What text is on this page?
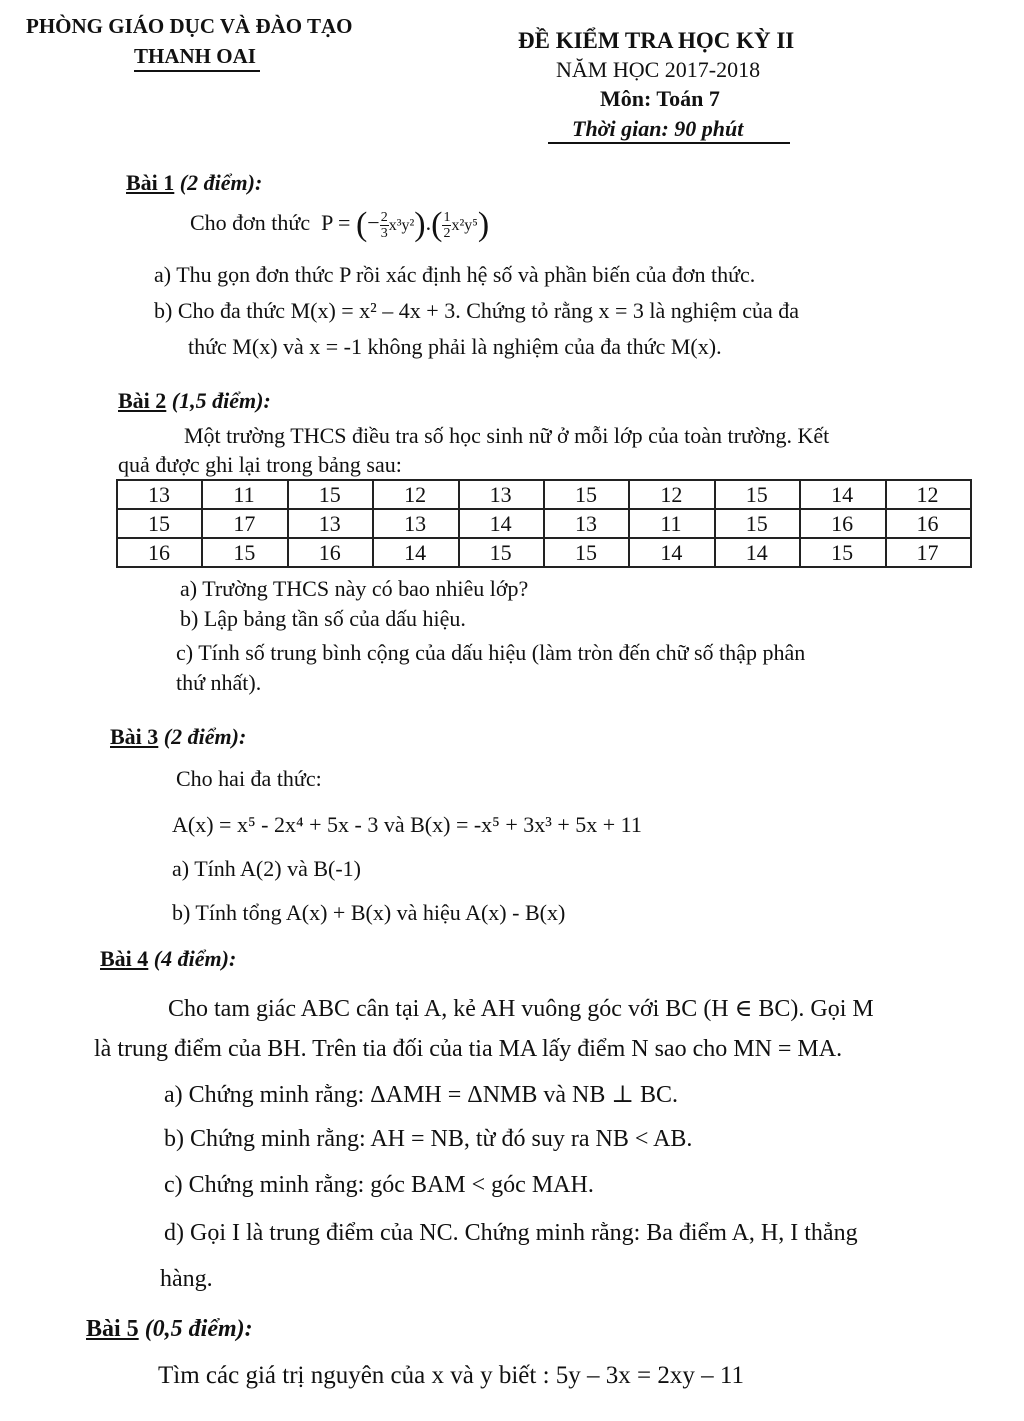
PHÒNG GIÁO DỤC VÀ ĐÀO TẠO
THANH OAI
ĐỀ KIỂM TRA HỌC KỲ II
NĂM HỌC 2017-2018
Môn: Toán 7
Thời gian: 90 phút
Bài 1 (2 điểm):
Cho đơn thức P = (− $\frac{2}{3} x^3y^2).( \frac{1}{2} x^2y^5)$
a) Thu gọn đơn thức P rồi xác định hệ số và phần biến của đơn thức.
b) Cho đa thức M(x) = x² – 4x + 3. Chứng tỏ rằng x = 3 là nghiệm của đa
thức M(x) và x = -1 không phải là nghiệm của đa thức M(x).
Bài 2 (1,5 điểm):
Một trường THCS điều tra số học sinh nữ ở mỗi lớp của toàn trường. Kết
quả được ghi lại trong bảng sau:
13	11	15	12	13	15	12	15	14	12
15	17	13	13	14	13	11	15	16	16
16	15	16	14	15	15	14	14	15	17
a) Trường THCS này có bao nhiêu lớp?
b) Lập bảng tần số của dấu hiệu.
c) Tính số trung bình cộng của dấu hiệu (làm tròn đến chữ số thập phân
thứ nhất).
Bài 3 (2 điểm):
Cho hai đa thức:
A(x) = x⁵ - 2x⁴ + 5x - 3 và B(x) = -x⁵ + 3x³ + 5x + 11
a) Tính A(2) và B(-1)
b) Tính tổng A(x) + B(x) và hiệu A(x) - B(x)
Bài 4 (4 điểm):
Cho tam giác ABC cân tại A, kẻ AH vuông góc với BC (H ∈ BC). Gọi M
là trung điểm của BH. Trên tia đối của tia MA lấy điểm N sao cho MN = MA.
a) Chứng minh rằng: ΔAMH = ΔNMB và NB ⊥ BC.
b) Chứng minh rằng: AH = NB, từ đó suy ra NB < AB.
c) Chứng minh rằng: góc BAM < góc MAH.
d) Gọi I là trung điểm của NC. Chứng minh rằng: Ba điểm A, H, I thẳng
hàng.
Bài 5 (0,5 điểm):
Tìm các giá trị nguyên của x và y biết : 5y – 3x = 2xy – 11
